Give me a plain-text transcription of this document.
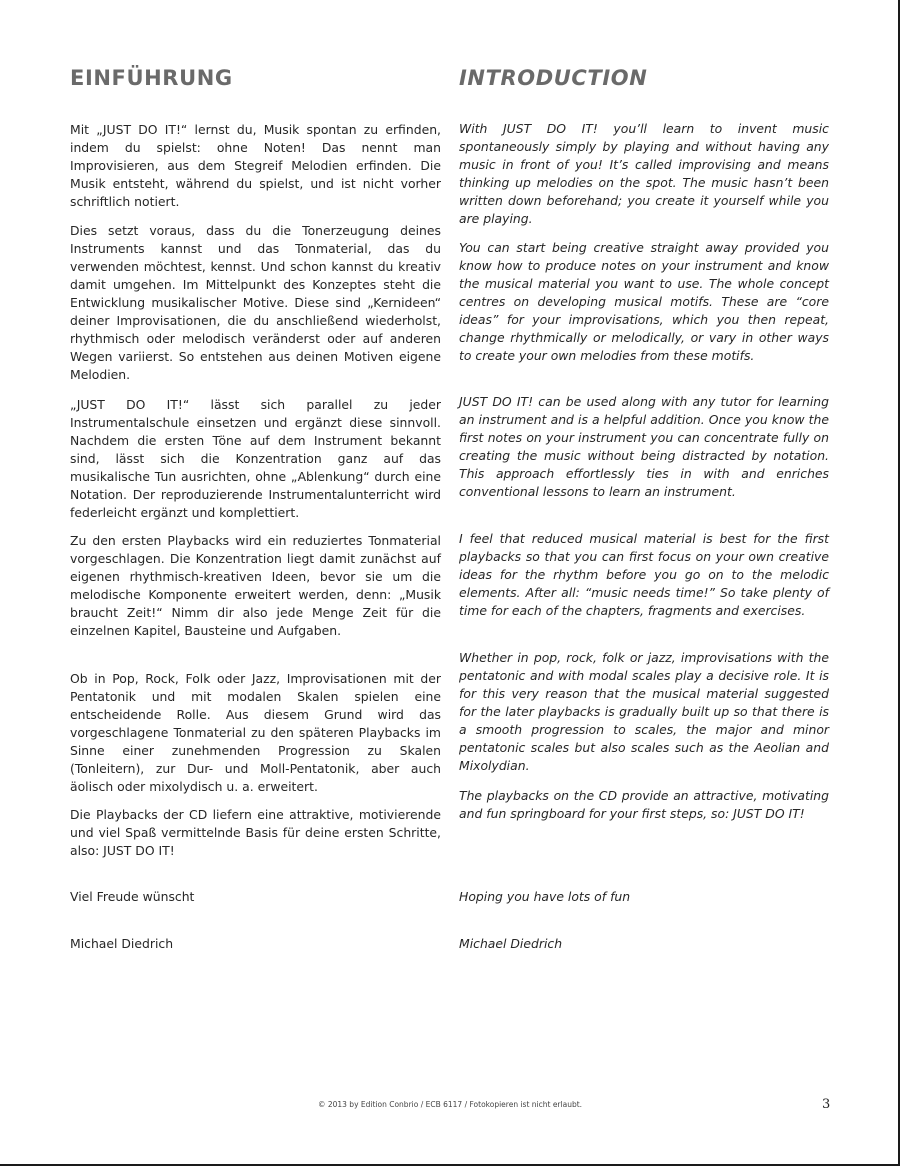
EINFÜHRUNG

Mit „JUST DO IT!“ lernst du, Musik spontan zu erfinden, indem du spielst: ohne Noten! Das nennt man Improvisieren, aus dem Stegreif Melodien erfinden. Die Musik entsteht, während du spielst, und ist nicht vorher schriftlich notiert.

Dies setzt voraus, dass du die Tonerzeugung deines Instruments kannst und das Tonmaterial, das du verwenden möchtest, kennst. Und schon kannst du kreativ damit umgehen. Im Mittelpunkt des Konzeptes steht die Entwicklung musikalischer Motive. Diese sind „Kernideen“ deiner Improvisationen, die du anschließend wiederholst, rhythmisch oder melodisch veränderst oder auf anderen Wegen variierst. So entstehen aus deinen Motiven eigene Melodien.

„JUST DO IT!“ lässt sich parallel zu jeder Instrumentalschule einsetzen und ergänzt diese sinnvoll. Nachdem die ersten Töne auf dem Instrument bekannt sind, lässt sich die Konzentration ganz auf das musikalische Tun ausrichten, ohne „Ablenkung“ durch eine Notation. Der reproduzierende Instrumentalunterricht wird federleicht ergänzt und komplettiert.

Zu den ersten Playbacks wird ein reduziertes Tonmaterial vorgeschlagen. Die Konzentration liegt damit zunächst auf eigenen rhythmisch-kreativen Ideen, bevor sie um die melodische Komponente erweitert werden, denn: „Musik braucht Zeit!“ Nimm dir also jede Menge Zeit für die einzelnen Kapitel, Bausteine und Aufgaben.

Ob in Pop, Rock, Folk oder Jazz, Improvisationen mit der Pentatonik und mit modalen Skalen spielen eine entscheidende Rolle. Aus diesem Grund wird das vorgeschlagene Tonmaterial zu den späteren Playbacks im Sinne einer zunehmenden Progression zu Skalen (Tonleitern), zur Dur- und Moll-Pentatonik, aber auch äolisch oder mixolydisch u. a. erweitert.

Die Playbacks der CD liefern eine attraktive, motivierende und viel Spaß vermittelnde Basis für deine ersten Schritte, also: JUST DO IT!

Viel Freude wünscht

Michael Diedrich

INTRODUCTION

With JUST DO IT! you’ll learn to invent music spontaneously simply by playing and without having any music in front of you! It’s called improvising and means thinking up melodies on the spot. The music hasn’t been written down beforehand; you create it yourself while you are playing.

You can start being creative straight away provided you know how to produce notes on your instrument and know the musical material you want to use. The whole concept centres on developing musical motifs. These are “core ideas” for your improvisations, which you then repeat, change rhythmically or melodically, or vary in other ways to create your own melodies from these motifs.

JUST DO IT! can be used along with any tutor for learning an instrument and is a helpful addition. Once you know the first notes on your instrument you can concentrate fully on creating the music without being distracted by notation. This approach effortlessly ties in with and enriches conventional lessons to learn an instrument.

I feel that reduced musical material is best for the first playbacks so that you can first focus on your own creative ideas for the rhythm before you go on to the melodic elements. After all: “music needs time!” So take plenty of time for each of the chapters, fragments and exercises.

Whether in pop, rock, folk or jazz, improvisations with the pentatonic and with modal scales play a decisive role. It is for this very reason that the musical material suggested for the later playbacks is gradually built up so that there is a smooth progression to scales, the major and minor pentatonic scales but also scales such as the Aeolian and Mixolydian.

The playbacks on the CD provide an attractive, motivating and fun springboard for your first steps, so: JUST DO IT!

Hoping you have lots of fun

Michael Diedrich

© 2013 by Edition Conbrio / ECB 6117 / Fotokopieren ist nicht erlaubt.	3
